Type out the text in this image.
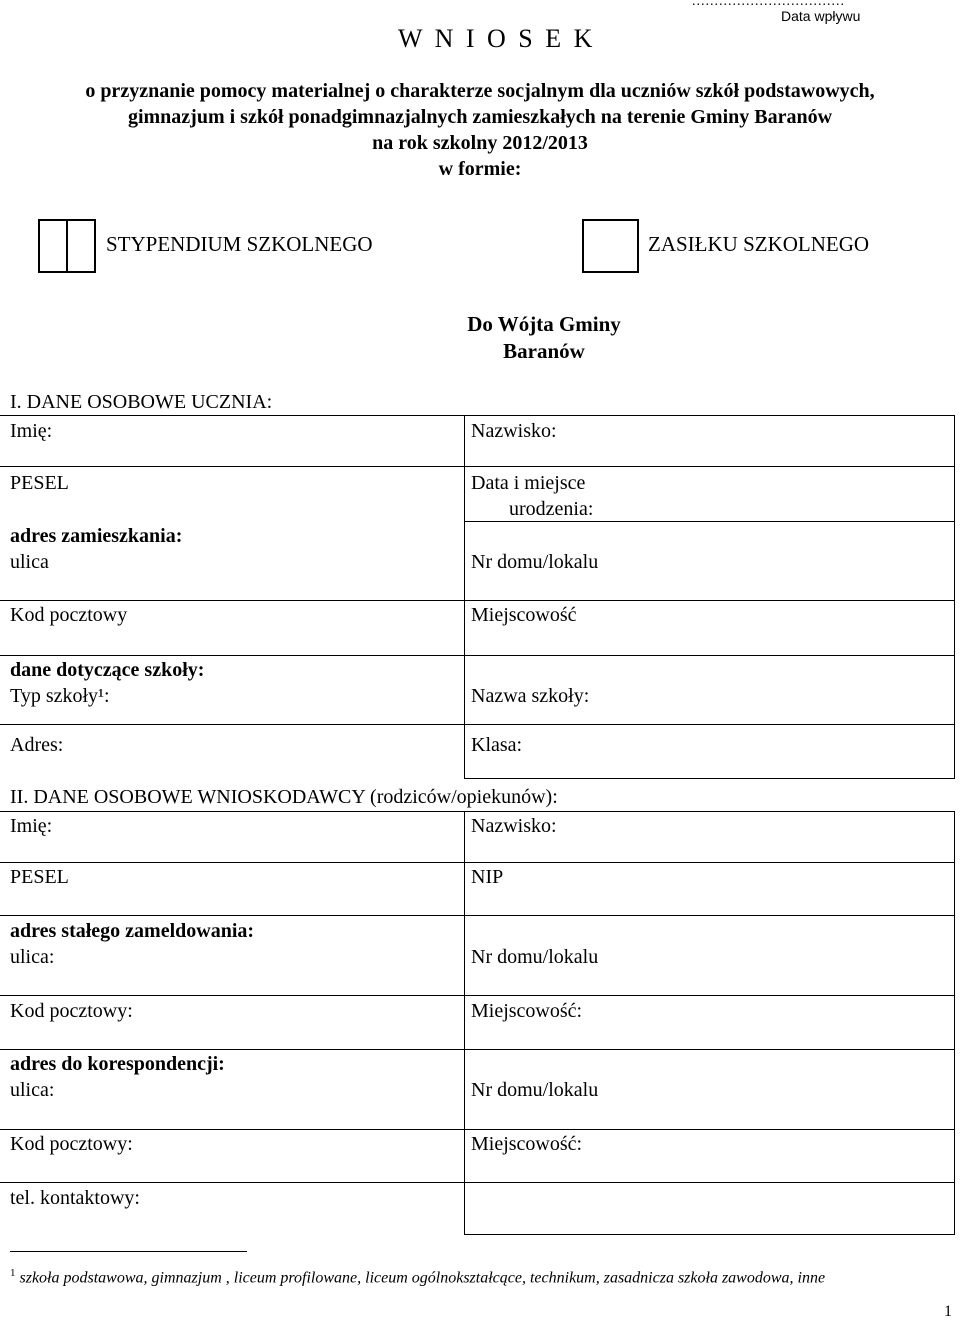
..................................
Data wpływu
W N I O S E K
o przyznanie pomocy materialnej o charakterze socjalnym dla uczniów szkół podstawowych,
gimnazjum i szkół ponadgimnazjalnych zamieszkałych na terenie Gminy Baranów
na rok szkolny 2012/2013
w formie:
STYPENDIUM SZKOLNEGO	ZASIŁKU SZKOLNEGO
Do Wójta Gminy
Baranów
I. DANE OSOBOWE UCZNIA:
Imię:	Nazwisko:
PESEL	Data i miejsce
urodzenia:
adres zamieszkania:
ulica	Nr domu/lokalu
Kod pocztowy	Miejscowość
dane dotyczące szkoły:
Typ szkoły¹:	Nazwa szkoły:
Adres:	Klasa:
II. DANE OSOBOWE WNIOSKODAWCY (rodziców/opiekunów):
Imię:	Nazwisko:
PESEL	NIP
adres stałego zameldowania:
ulica:	Nr domu/lokalu
Kod pocztowy:	Miejscowość:
adres do korespondencji:
ulica:	Nr domu/lokalu
Kod pocztowy:	Miejscowość:
tel. kontaktowy:
$^1$ szkoła podstawowa, gimnazjum , liceum profilowane, liceum ogólnokształcące, technikum, zasadnicza szkoła zawodowa, inne
1
